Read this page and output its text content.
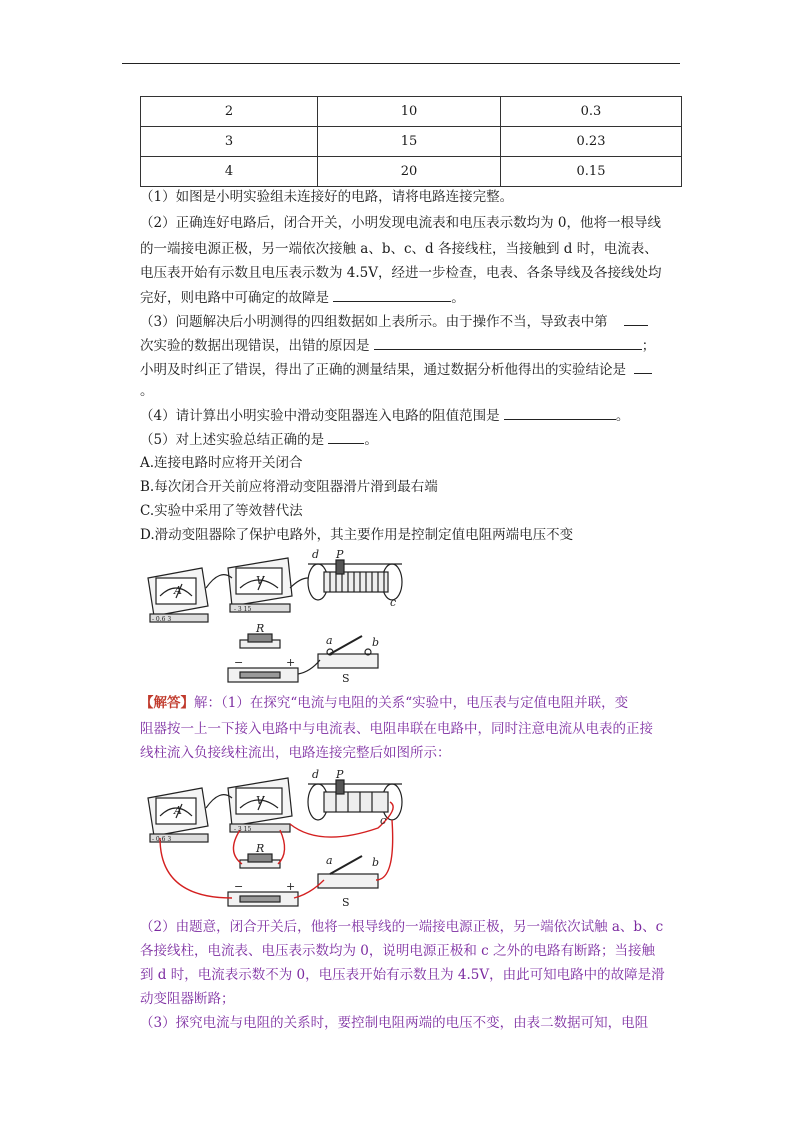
2	10	0.3
3	15	0.23
4	20	0.15
（1）如图是小明实验组未连接好的电路，请将电路连接完整。
（2）正确连好电路后，闭合开关，小明发现电流表和电压表示数均为 0，他将一根导线
的一端接电源正极，另一端依次接触 a、b、c、d 各接线柱，当接触到 d 时，电流表、
电压表开始有示数且电压表示数为 4.5V，经进一步检查，电表、各条导线及各接线处均
完好，则电路中可确定的故障是	。
（3）问题解决后小明测得的四组数据如上表所示。由于操作不当，导致表中第
次实验的数据出现错误，出错的原因是	；
小明及时纠正了错误，得出了正确的测量结果，通过数据分析他得出的实验结论是
。
（4）请计算出小明实验中滑动变阻器连入电路的阻值范围是	。
（5）对上述实验总结正确的是	。
A.连接电路时应将开关闭合
B.每次闭合开关前应将滑动变阻器滑片滑到最右端
C.实验中采用了等效替代法
D.滑动变阻器除了保护电路外，其主要作用是控制定值电阻两端电压不变
A
V
- 0.6 3
- 3 15
d P
c
R
a	b
S
−	+
【解答】解：（1）在探究“电流与电阻的关系“实验中，电压表与定值电阻并联，变
阻器按一上一下接入电路中与电流表、电阻串联在电路中，同时注意电流从电表的正接
线柱流入负接线柱流出，电路连接完整后如图所示：
A
V
- 0.6 3
- 3 15
d P
c
R
a	b
S
−	+
（2）由题意，闭合开关后，他将一根导线的一端接电源正极，另一端依次试触 a、b、c
各接线柱，电流表、电压表示数均为 0，说明电源正极和 c 之外的电路有断路；当接触
到 d 时，电流表示数不为 0，电压表开始有示数且为 4.5V，由此可知电路中的故障是滑
动变阻器断路；
（3）探究电流与电阻的关系时，要控制电阻两端的电压不变，由表二数据可知，电阻
